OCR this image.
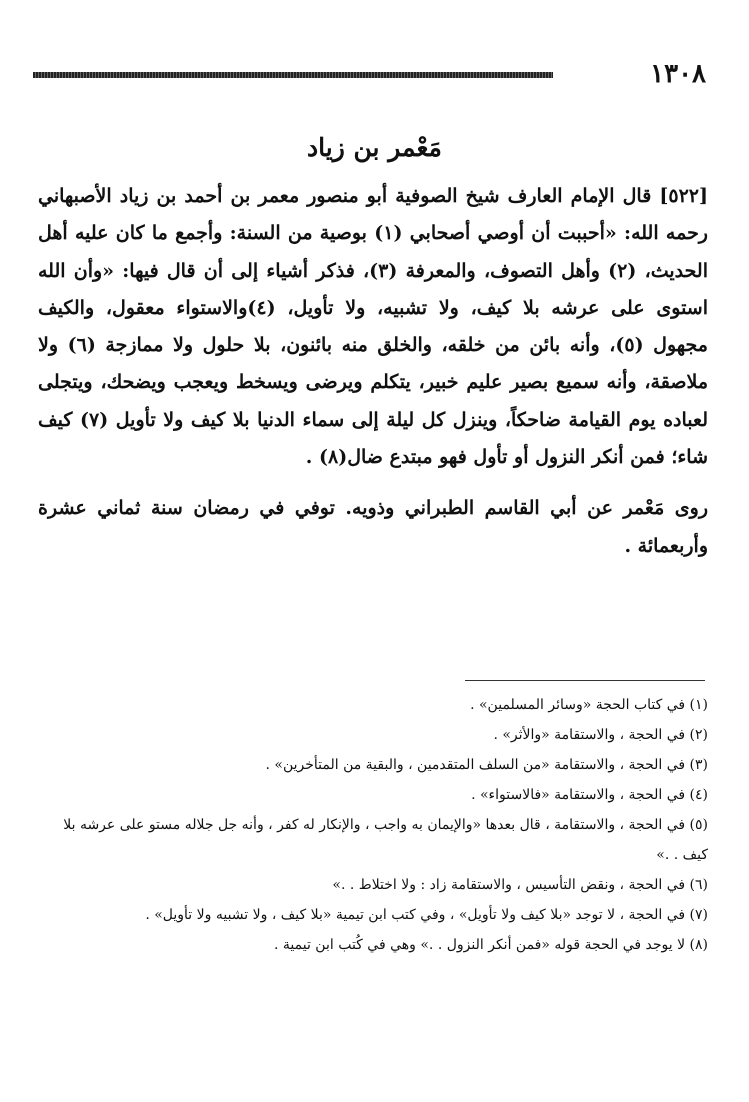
١٣٠٨
مَعْمر بن زياد

[٥٢٢] قال الإمام العارف شيخ الصوفية أبو منصور معمر بن أحمد بن زياد الأصبهاني رحمه الله: «أحببت أن أوصي أصحابي (١) بوصية من السنة: وأجمع ما كان عليه أهل الحديث، (٢) وأهل التصوف، والمعرفة (٣)، فذكر أشياء إلى أن قال فيها: «وأن الله استوى على عرشه بلا كيف، ولا تشبيه، ولا تأويل، (٤)والاستواء معقول، والكيف مجهول (٥)، وأنه بائن من خلقه، والخلق منه بائنون، بلا حلول ولا ممازجة (٦) ولا ملاصقة، وأنه سميع بصير عليم خبير، يتكلم ويرضى ويسخط ويعجب ويضحك، ويتجلى لعباده يوم القيامة ضاحكاً، وينزل كل ليلة إلى سماء الدنيا بلا كيف ولا تأويل (٧) كيف شاء؛ فمن أنكر النزول أو تأول فهو مبتدع ضال(٨) .

روى مَعْمر عن أبي القاسم الطبراني وذويه. توفي في رمضان سنة ثماني عشرة وأربعمائة .

(١) في كتاب الحجة «وسائر المسلمين» .

(٢) في الحجة ، والاستقامة «والأثر» .

(٣) في الحجة ، والاستقامة «من السلف المتقدمين ، والبقية من المتأخرين» .

(٤) في الحجة ، والاستقامة «فالاستواء» .

(٥) في الحجة ، والاستقامة ، قال بعدها «والإيمان به واجب ، والإنكار له كفر ، وأنه جل جلاله مستو على عرشه بلا كيف . .»

(٦) في الحجة ، ونقض التأسيس ، والاستقامة زاد : ولا اختلاط . .»

(٧) في الحجة ، لا توجد «بلا كيف ولا تأويل» ، وفي كتب ابن تيمية «بلا كيف ، ولا تشبيه ولا تأويل» .

(٨) لا يوجد في الحجة قوله «فمن أنكر النزول . .» وهي في كُتب ابن تيمية .
